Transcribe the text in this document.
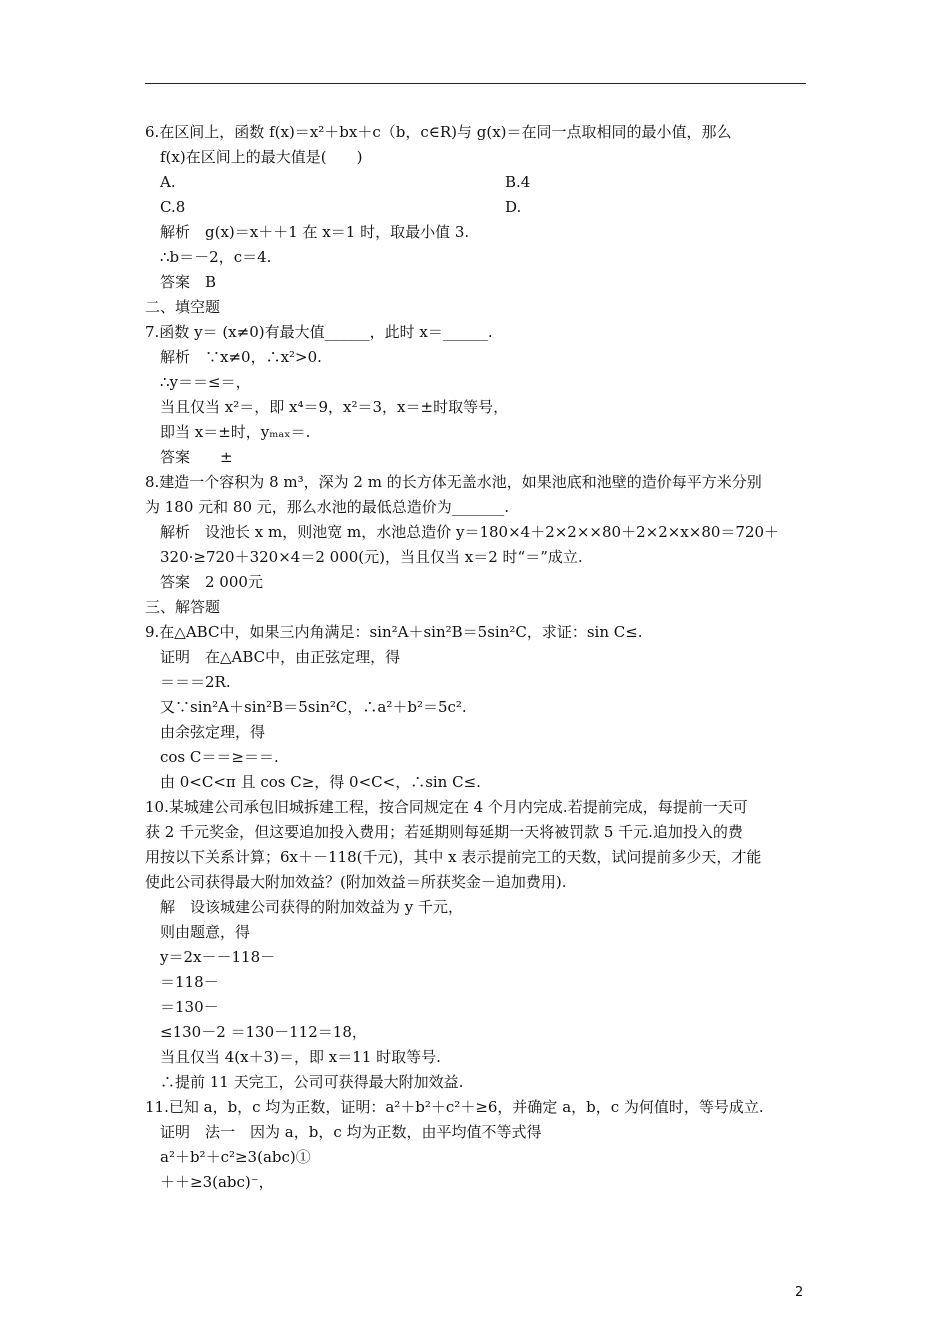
6.在区间上，函数 f(x)＝x²＋bx＋c（b，c∈R)与 g(x)＝在同一点取相同的最小值，那么
f(x)在区间上的最大值是(　　)
A.	B.4
C.8	D.
解析　g(x)＝x＋＋1 在 x＝1 时，取最小值 3.
∴b＝－2，c＝4.
答案　B
二、填空题
7.函数 y＝ (x≠0)有最大值______，此时 x＝______.
解析　∵x≠0，∴x²>0.
∴y＝＝≤＝，
当且仅当 x²＝，即 x⁴＝9，x²＝3，x＝±时取等号，
即当 x＝±时，yₘₐₓ＝.
答案　　±
8.建造一个容积为 8 m³，深为 2 m 的长方体无盖水池，如果池底和池壁的造价每平方米分别
为 180 元和 80 元，那么水池的最低总造价为_______.
解析　设池长 x m，则池宽 m，水池总造价 y＝180×4＋2×2××80＋2×2×x×80＝720＋
320·≥720＋320×4＝2 000(元)，当且仅当 x＝2 时“＝”成立.
答案　2 000元
三、解答题
9.在△ABC中，如果三内角满足：sin²A＋sin²B＝5sin²C，求证：sin C≤.
证明　在△ABC中，由正弦定理，得
＝＝＝2R.
又∵sin²A＋sin²B＝5sin²C，∴a²＋b²＝5c².
由余弦定理，得
cos C＝＝≥＝＝.
由 0<C<π 且 cos C≥，得 0<C<，∴sin C≤.
10.某城建公司承包旧城拆建工程，按合同规定在 4 个月内完成.若提前完成，每提前一天可
获 2 千元奖金，但这要追加投入费用；若延期则每延期一天将被罚款 5 千元.追加投入的费
用按以下关系计算；6x＋－118(千元)，其中 x 表示提前完工的天数，试问提前多少天，才能
使此公司获得最大附加效益？(附加效益＝所获奖金－追加费用).
解　设该城建公司获得的附加效益为 y 千元，
则由题意，得
y＝2x－－118－
＝118－
＝130－
≤130－2 ＝130－112＝18，
当且仅当 4(x＋3)＝，即 x＝11 时取等号.
∴提前 11 天完工，公司可获得最大附加效益.
11.已知 a，b，c 均为正数，证明：a²＋b²＋c²＋≥6，并确定 a，b，c 为何值时，等号成立.
证明　法一　因为 a，b，c 均为正数，由平均值不等式得
a²＋b²＋c²≥3(abc)①
＋＋≥3(abc)⁻，
2
